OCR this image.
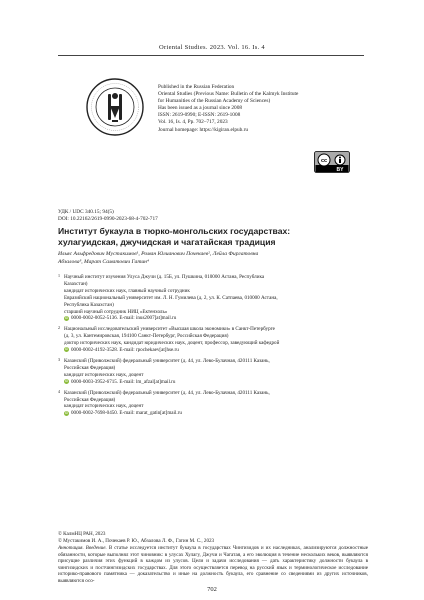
Oriental Studies. 2023. Vol. 16. Is. 4
Published in the Russian Federation
Oriental Studies (Previous Name: Bulletin of the Kalmyk Institute
for Humanities of the Russian Academy of Sciences)
Has been issued as a journal since 2008
ISSN: 2619-0990; E-ISSN: 2619-1008
Vol. 16, Is. 4, Pp. 702–717, 2023
Journal homepage: https://kigiran.elpub.ru
cc
BY
УДК / UDC 340.15; 94(5)
DOI: 10.22162/2619-0990-2023-68-4-702-717
Институт букаула в тюрко-монгольских государствах:
хулагуидская, джучидская и чагатайская традиция
Ильяс Альфредович Мустакимов¹, Роман Юлианович Почекаев², Лейла Фиргатовна
Абзалова³, Марат Саматович Гатин⁴
1 Научный институт изучения Улуса Джучи (д. 15Б, ул. Пушкина, 010000 Астана, Республика
Казахстан)
кандидат исторических наук, главный научный сотрудник
Евразийский национальный университет им. Л. Н. Гумилева (д. 2, ул. К. Сатпаева, 010000 Астана,
Республика Казахстан)
старший научный сотрудник НИЦ «Ектенхоль»
iD 0000-0002-0052-5136. E-mail: inus2007[at]mail.ru
2 Национальный исследовательский университет «Высшая школа экономики» в Санкт-Петербурге
(д. 3, ул. Кантемировская, 194100 Санкт-Петербург, Российская Федерация)
доктор исторических наук, кандидат юридических наук, доцент, профессор, заведующий кафедрой
iD 0000-0002-4192-3528. E-mail: rpochekaev[at]hse.ru
3 Казанский (Приволжский) федеральный университет (д. 44, ул. Лево-Булачная, 420111 Казань,
Российская Федерация)
кандидат исторических наук, доцент
iD 0000-0003-3952-6715. E-mail: lm_afzal[at]mail.ru
4 Казанский (Приволжский) федеральный университет (д. 44, ул. Лево-Булачная, 420111 Казань,
Российская Федерация)
кандидат исторических наук, доцент
iD 0000-0002-7698-0450. E-mail: marat_gatin[at]mail.ru
© КалмНЦ РАН, 2023
© Мустакимов И. А., Почекаев Р. Ю., Абзалова Л. Ф., Гатин М. С., 2023
Аннотация. Введение. В статье исследуется институт букаула в государствах Чингизидов и их наследниках, анализируются должностные обязанности, которые выполнял этот чиновник: в улусах Хулагу, Джучи и Чагатая, а его эволюция в течение нескольких веков, выявляются присущие различия этих функций в каждом из улусов. Цели и задачи исследования — дать характеристику должности букаула в чингизидских и постчингизидских государствах. Для этого осуществляется перевод на русский язык и терминологическое исследование историко-правового памятника — доказательство и иные на должность букаула, его сравнение со сведениями из других источников, выявляются осо-
702
